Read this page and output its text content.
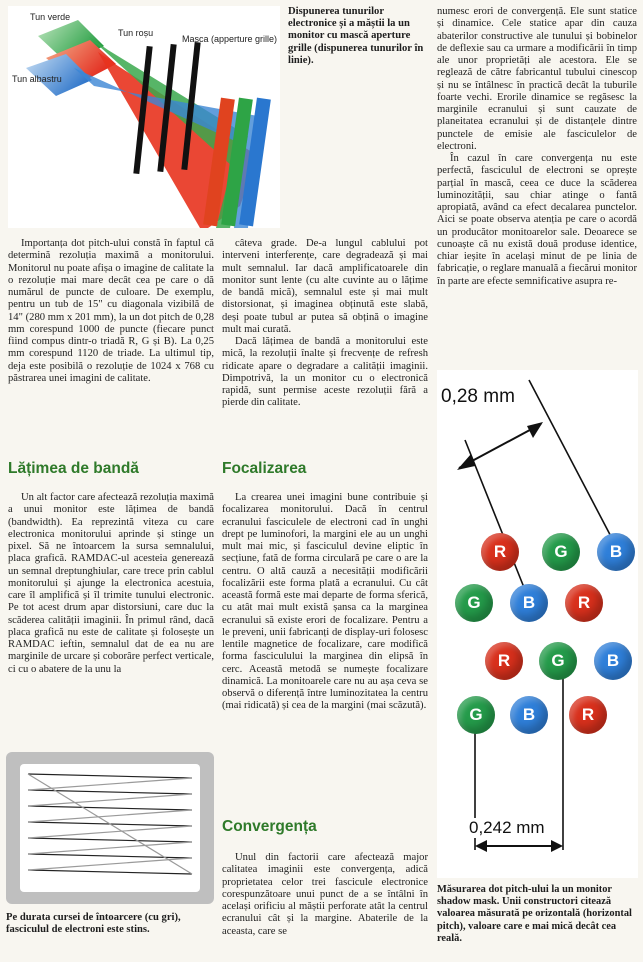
Tun verde
Tun roșu
Masca (apperture grille)
Tun albastru
Dispunerea tunurilor electronice și a măștii la un monitor cu mască aperture grille (dispunerea tunurilor în linie).

Importanța dot pitch-ului constă în faptul că determină rezoluția maximă a monitorului. Monitorul nu poate afișa o imagine de calitate la o rezoluție mai mare decât cea pe care o dă numărul de puncte de culoare. De exemplu, pentru un tub de 15" cu diagonala vizibilă de 14" (280 mm x 201 mm), la un dot pitch de 0,28 mm corespund 1000 de puncte (fiecare punct fiind compus dintr-o triadă R, G și B). La 0,25 mm corespund 1120 de triade. La ultimul tip, deja este posibilă o rezoluție de 1024 x 768 cu păstrarea unei imagini de calitate.

Lățimea de bandă

Un alt factor care afectează rezoluția maximă a unui monitor este lățimea de bandă (bandwidth). Ea reprezintă viteza cu care electronica monitorului aprinde și stinge un pixel. Să ne întoarcem la sursa semnalului, placa grafică. RAMDAC-ul acesteia generează un semnal dreptunghiular, care trece prin cablul monitorului și ajunge la electronica acestuia, care îl amplifică și îl trimite tunului electronic. Pe tot acest drum apar distorsiuni, care duc la scăderea calității imaginii. În primul rând, dacă placa grafică nu este de calitate și folosește un RAMDAC ieftin, semnalul dat de ea nu are marginile de urcare și coborâre perfect verticale, ci cu o abatere de la unu la

Pe durata cursei de întoarcere (cu gri), fasciculul de electroni este stins.

câteva grade. De-a lungul cablului pot interveni interferențe, care degradează și mai mult semnalul. Iar dacă amplificatoarele din monitor sunt lente (cu alte cuvinte au o lățime de bandă mică), semnalul este și mai mult distorsionat, și imaginea obținută este slabă, deși poate tubul ar putea să obțină o imagine mult mai curată.

Dacă lățimea de bandă a monitorului este mică, la rezoluții înalte și frecvențe de refresh ridicate apare o degradare a calității imaginii. Dimpotrivă, la un monitor cu o electronică rapidă, sunt permise aceste rezoluții fără a pierde din calitate.

Focalizarea

La crearea unei imagini bune contribuie și focalizarea monitorului. Dacă în centrul ecranului fasciculele de electroni cad în unghi drept pe luminofori, la margini ele au un unghi mult mai mic, și fasciculul devine eliptic în secțiune, fată de forma circulară pe care o are la centru. O altă cauză a necesității modificării focalizării este forma plată a ecranului. Cu cât această formă este mai departe de forma sferică, cu atât mai mult există șansa ca la marginea ecranului să existe erori de focalizare. Pentru a le preveni, unii fabricanți de display-uri folosesc lentile magnetice de focalizare, care modifică forma fasciculului la marginea din elipsă în cerc. Această metodă se numește focalizare dinamică. La monitoarele care nu au așa ceva se observă o diferență între luminozitatea la centru (mai ridicată) și cea de la margini (mai scăzută).

Convergența

Unul din factorii care afectează major calitatea imaginii este convergența, adică proprietatea celor trei fascicule electronice corespunzătoare unui punct de a se întâlni în același orificiu al măștii perforate atât la centrul ecranului cât și la margine. Abaterile de la aceasta, care se

numesc erori de convergență. Ele sunt statice și dinamice. Cele statice apar din cauza abaterilor constructive ale tunului și bobinelor de deflexie sau ca urmare a modificării în timp ale unor proprietăți ale acestora. Ele se reglează de către fabricantul tubului cinescop și nu se întâlnesc în practică decât la tuburile foarte vechi. Erorile dinamice se regăsesc la marginile ecranului și sunt cauzate de planeitatea ecranului și de distanțele dintre punctele de emisie ale fasciculelor de electroni.

În cazul în care convergența nu este perfectă, fasciculul de electroni se oprește parțial în mască, ceea ce duce la scăderea luminozității, sau chiar atinge o fantă apropiată, având ca efect decalarea punctelor. Aici se poate observa atenția pe care o acordă un producător monitoarelor sale. Deoarece se cunoaște că nu există două produse identice, chiar ieșite în același minut de pe linia de fabricație, o reglare manuală a fiecărui monitor în parte are efecte semnificative asupra re-

0,28 mm
0,242 mm
R	G	B
G	B	R
R	G	B
G	B	R
Măsurarea dot pitch-ului la un monitor shadow mask. Unii constructori citează valoarea măsurată pe orizontală (horizontal pitch), valoare care e mai mică decât cea reală.
